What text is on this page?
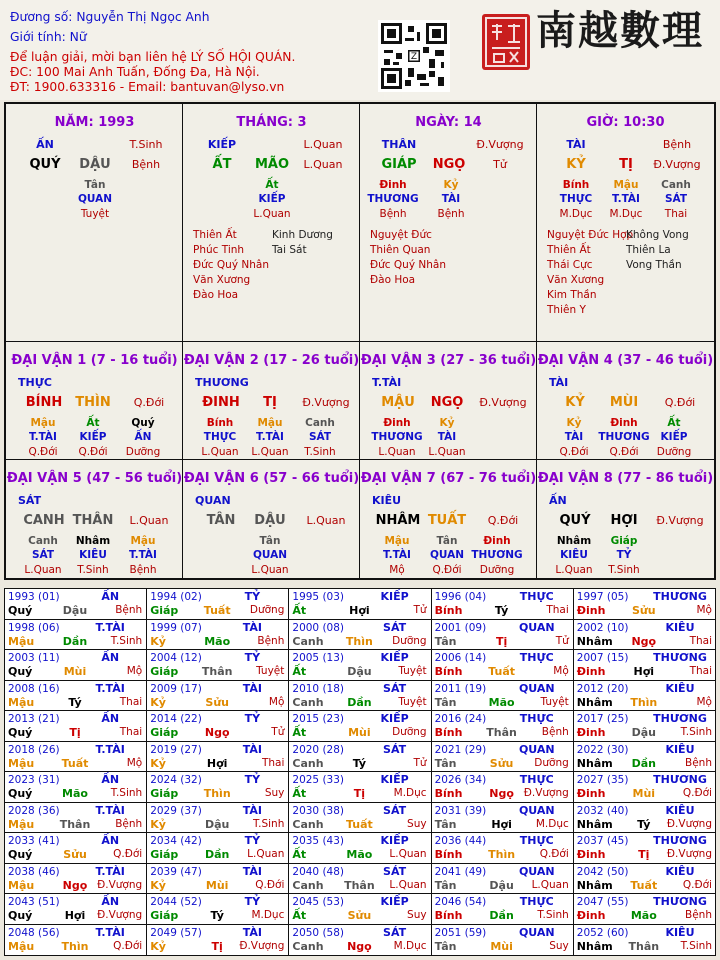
Đương số: Nguyễn Thị Ngọc Anh
Giới tính: Nữ
Để luận giải, mời bạn liên hệ LÝ SỐ HỘI QUÁN.
ĐC: 100 Mai Anh Tuấn, Đống Đa, Hà Nội.
ĐT: 1900.633316 - Email: bantuvan@lyso.vn
Z
南越數理
NĂM: 1993
ẤN	T.Sinh
QUÝ	DẬU	Bệnh
Tân
QUAN
Tuyệt
THÁNG: 3
KIẾP	L.Quan
ẤT	MÃO	L.Quan
Ất
KIẾP
L.Quan
Thiên Ất
Phúc Tinh
Đức Quý Nhân
Văn Xương
Đào Hoa
Kinh Dương
Tai Sát
NGÀY: 14
THÂN	Đ.Vượng
GIÁP	NGỌ	Tử
Đinh
THƯƠNG
Bệnh
Kỷ
TÀI
Bệnh
Nguyệt Đức
Thiên Quan
Đức Quý Nhân
Đào Hoa
GIỜ: 10:30
TÀI	Bệnh
KỶ	TỊ	Đ.Vượng
Bính
THỰC
M.Dục
Mậu
T.TÀI
M.Dục
Canh
SÁT
Thai
Nguyệt Đức Hợp
Thiên Ất
Thái Cực
Văn Xương
Kim Thần
Thiên Y
Không Vong
Thiên La
Vong Thần
ĐẠI VẬN 1 (7 - 16 tuổi)
THỰC
BÍNH	THÌN	Q.Đới
Mậu
T.TÀI
Q.Đới
Ất
KIẾP
Q.Đới
Quý
ẤN
Dưỡng
ĐẠI VẬN 2 (17 - 26 tuổi)
THƯƠNG
ĐINH	TỊ	Đ.Vượng
Bính
THỰC
L.Quan
Mậu
T.TÀI
L.Quan
Canh
SÁT
T.Sinh
ĐẠI VẬN 3 (27 - 36 tuổi)
T.TÀI
MẬU	NGỌ	Đ.Vượng
Đinh
THƯƠNG
L.Quan
Kỷ
TÀI
L.Quan
ĐẠI VẬN 4 (37 - 46 tuổi)
TÀI
KỶ	MÙI	Q.Đới
Kỷ
TÀI
Q.Đới
Đinh
THƯƠNG
Q.Đới
Ất
KIẾP
Dưỡng
ĐẠI VẬN 5 (47 - 56 tuổi)
SÁT
CANH THÂN	L.Quan
Canh
SÁT
L.Quan
Nhâm
KIÊU
T.Sinh
Mậu
T.TÀI
Bệnh
ĐẠI VẬN 6 (57 - 66 tuổi)
QUAN
TÂN	DẬU	L.Quan
Tân
QUAN
L.Quan
ĐẠI VẬN 7 (67 - 76 tuổi)
KIÊU
NHÂM TUẤT	Q.Đới
Mậu
T.TÀI
Mộ
Tân
QUAN
Q.Đới
Đinh
THƯƠNG
Dưỡng
ĐẠI VẬN 8 (77 - 86 tuổi)
ẤN
QUÝ	HỢI	Đ.Vượng
Nhâm
KIÊU
L.Quan
Giáp
TỶ
T.Sinh
1993 (01)	ẤN
Quý	Dậu	Bệnh
1994 (02)	TỶ
Giáp	Tuất	Dưỡng
1995 (03)	KIẾP
Ất	Hợi	Tử
1996 (04)	THỰC
Bính	Tý	Thai
1997 (05) THƯƠNG
Đinh	Sửu	Mộ
1998 (06)	T.TÀI
Mậu	Dần	T.Sinh
1999 (07)	TÀI
Kỷ	Mão	Bệnh
2000 (08)	SÁT
Canh	Thìn	Dưỡng
2001 (09)	QUAN
Tân	Tị	Tử
2002 (10)	KIÊU
Nhâm	Ngọ	Thai
2003 (11)	ẤN
Quý	Mùi	Mộ
2004 (12)	TỶ
Giáp	Thân	Tuyệt
2005 (13)	KIẾP
Ất	Dậu	Tuyệt
2006 (14)	THỰC
Bính	Tuất	Mộ
2007 (15) THƯƠNG
Đinh	Hợi	Thai
2008 (16)	T.TÀI
Mậu	Tý	Thai
2009 (17)	TÀI
Kỷ	Sửu	Mộ
2010 (18)	SÁT
Canh	Dần	Tuyệt
2011 (19)	QUAN
Tân	Mão	Tuyệt
2012 (20)	KIÊU
Nhâm	Thìn	Mộ
2013 (21)	ẤN
Quý	Tị	Thai
2014 (22)	TỶ
Giáp	Ngọ	Tử
2015 (23)	KIẾP
Ất	Mùi	Dưỡng
2016 (24)	THỰC
Bính	Thân	Bệnh
2017 (25) THƯƠNG
Đinh	Dậu	T.Sinh
2018 (26)	T.TÀI
Mậu	Tuất	Mộ
2019 (27)	TÀI
Kỷ	Hợi	Thai
2020 (28)	SÁT
Canh	Tý	Tử
2021 (29)	QUAN
Tân	Sửu	Dưỡng
2022 (30)	KIÊU
Nhâm	Dần	Bệnh
2023 (31)	ẤN
Quý	Mão	T.Sinh
2024 (32)	TỶ
Giáp	Thìn	Suy
2025 (33)	KIẾP
Ất	Tị	M.Dục
2026 (34)	THỰC
Bính	Ngọ Đ.Vượng
2027 (35) THƯƠNG
Đinh	Mùi	Q.Đới
2028 (36)	T.TÀI
Mậu	Thân	Bệnh
2029 (37)	TÀI
Kỷ	Dậu	T.Sinh
2030 (38)	SÁT
Canh	Tuất	Suy
2031 (39)	QUAN
Tân	Hợi	M.Dục
2032 (40)	KIÊU
Nhâm	Tý	Đ.Vượng
2033 (41)	ẤN
Quý	Sửu	Q.Đới
2034 (42)	TỶ
Giáp	Dần	L.Quan
2035 (43)	KIẾP
Ất	Mão	L.Quan
2036 (44)	THỰC
Bính	Thìn	Q.Đới
2037 (45) THƯƠNG
Đinh	Tị	Đ.Vượng
2038 (46)	T.TÀI
Mậu	Ngọ Đ.Vượng
2039 (47)	TÀI
Kỷ	Mùi	Q.Đới
2040 (48)	SÁT
Canh	Thân	L.Quan
2041 (49)	QUAN
Tân	Dậu	L.Quan
2042 (50)	KIÊU
Nhâm	Tuất	Q.Đới
2043 (51)	ẤN
Quý	Hợi	Đ.Vượng
2044 (52)	TỶ
Giáp	Tý	M.Dục
2045 (53)	KIẾP
Ất	Sửu	Suy
2046 (54)	THỰC
Bính	Dần	T.Sinh
2047 (55) THƯƠNG
Đinh	Mão	Bệnh
2048 (56)	T.TÀI
Mậu	Thìn	Q.Đới
2049 (57)	TÀI
Kỷ	Tị	Đ.Vượng
2050 (58)	SÁT
Canh	Ngọ	M.Dục
2051 (59)	QUAN
Tân	Mùi	Suy
2052 (60)	KIÊU
Nhâm	Thân	T.Sinh
